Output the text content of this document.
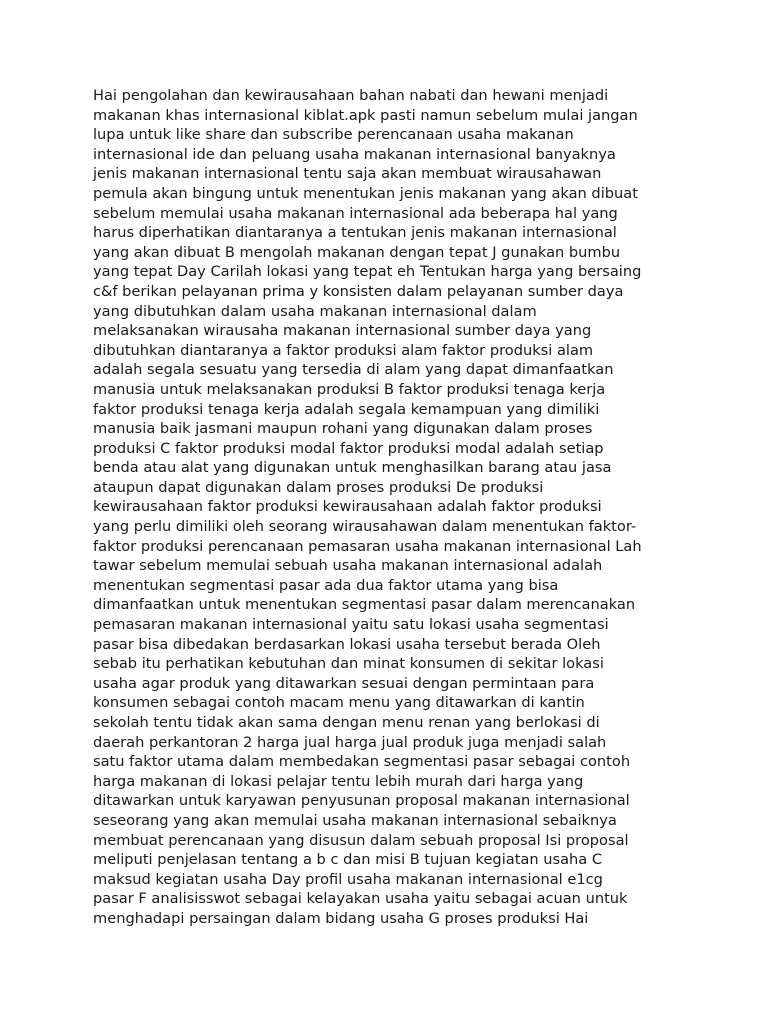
Hai pengolahan dan kewirausahaan bahan nabati dan hewani menjadi
makanan khas internasional kiblat.apk pasti namun sebelum mulai jangan
lupa untuk like share dan subscribe perencanaan usaha makanan
internasional ide dan peluang usaha makanan internasional banyaknya
jenis makanan internasional tentu saja akan membuat wirausahawan
pemula akan bingung untuk menentukan jenis makanan yang akan dibuat
sebelum memulai usaha makanan internasional ada beberapa hal yang
harus diperhatikan diantaranya a tentukan jenis makanan internasional
yang akan dibuat B mengolah makanan dengan tepat J gunakan bumbu
yang tepat Day Carilah lokasi yang tepat eh Tentukan harga yang bersaing
c&f berikan pelayanan prima y konsisten dalam pelayanan sumber daya
yang dibutuhkan dalam usaha makanan internasional dalam
melaksanakan wirausaha makanan internasional sumber daya yang
dibutuhkan diantaranya a faktor produksi alam faktor produksi alam
adalah segala sesuatu yang tersedia di alam yang dapat dimanfaatkan
manusia untuk melaksanakan produksi B faktor produksi tenaga kerja
faktor produksi tenaga kerja adalah segala kemampuan yang dimiliki
manusia baik jasmani maupun rohani yang digunakan dalam proses
produksi C faktor produksi modal faktor produksi modal adalah setiap
benda atau alat yang digunakan untuk menghasilkan barang atau jasa
ataupun dapat digunakan dalam proses produksi De produksi
kewirausahaan faktor produksi kewirausahaan adalah faktor produksi
yang perlu dimiliki oleh seorang wirausahawan dalam menentukan faktor-
faktor produksi perencanaan pemasaran usaha makanan internasional Lah
tawar sebelum memulai sebuah usaha makanan internasional adalah
menentukan segmentasi pasar ada dua faktor utama yang bisa
dimanfaatkan untuk menentukan segmentasi pasar dalam merencanakan
pemasaran makanan internasional yaitu satu lokasi usaha segmentasi
pasar bisa dibedakan berdasarkan lokasi usaha tersebut berada Oleh
sebab itu perhatikan kebutuhan dan minat konsumen di sekitar lokasi
usaha agar produk yang ditawarkan sesuai dengan permintaan para
konsumen sebagai contoh macam menu yang ditawarkan di kantin
sekolah tentu tidak akan sama dengan menu renan yang berlokasi di
daerah perkantoran 2 harga jual harga jual produk juga menjadi salah
satu faktor utama dalam membedakan segmentasi pasar sebagai contoh
harga makanan di lokasi pelajar tentu lebih murah dari harga yang
ditawarkan untuk karyawan penyusunan proposal makanan internasional
seseorang yang akan memulai usaha makanan internasional sebaiknya
membuat perencanaan yang disusun dalam sebuah proposal Isi proposal
meliputi penjelasan tentang a b c dan misi B tujuan kegiatan usaha C
maksud kegiatan usaha Day profil usaha makanan internasional e1cg
pasar F analisisswot sebagai kelayakan usaha yaitu sebagai acuan untuk
menghadapi persaingan dalam bidang usaha G proses produksi Hai
